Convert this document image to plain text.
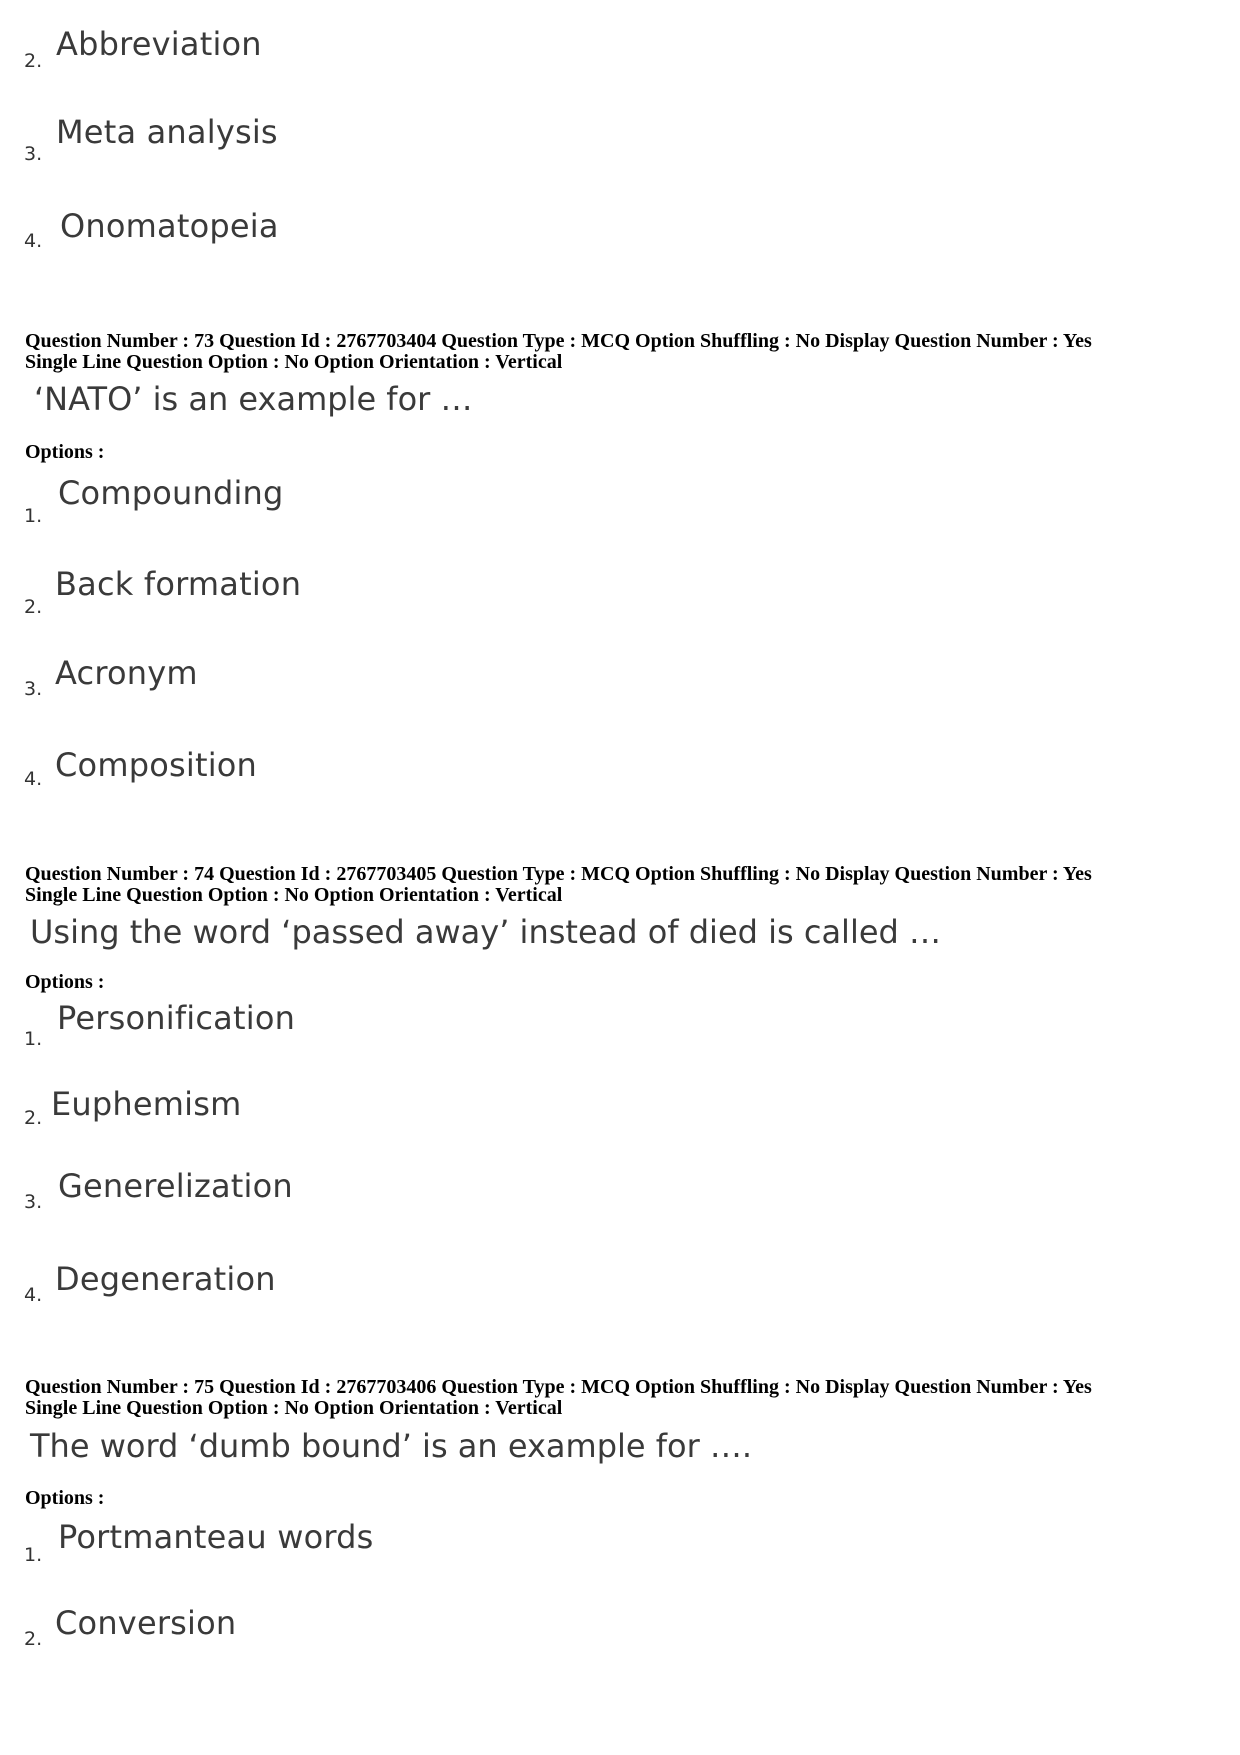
2. Abbreviation
3.
Meta analysis
4. Onomatopeia
Question Number : 73 Question Id : 2767703404 Question Type : MCQ Option Shuffling : No Display Question Number : Yes
Single Line Question Option : No Option Orientation : Vertical
‘NATO’ is an example for …
Options :
1.
Compounding
2.
Back formation
3. Acronym
4. Composition
Question Number : 74 Question Id : 2767703405 Question Type : MCQ Option Shuffling : No Display Question Number : Yes
Single Line Question Option : No Option Orientation : Vertical
Using the word ‘passed away’ instead of died is called …
Options :
1.
Personification
2. Euphemism
3. Generelization
4. Degeneration
Question Number : 75 Question Id : 2767703406 Question Type : MCQ Option Shuffling : No Display Question Number : Yes
Single Line Question Option : No Option Orientation : Vertical
The word ‘dumb bound’ is an example for ….
Options :
1. Portmanteau words
2. Conversion
